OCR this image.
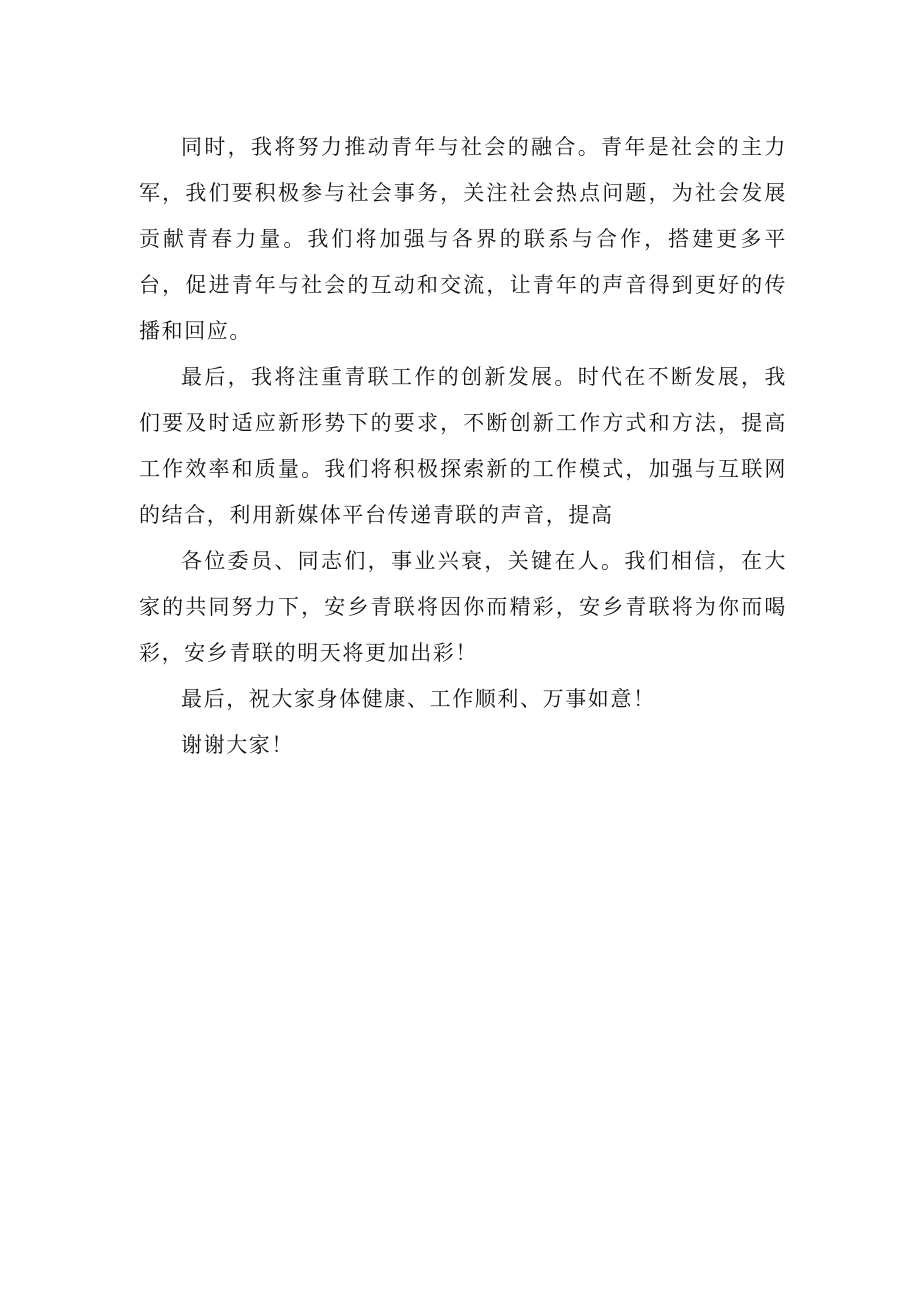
同时，我将努力推动青年与社会的融合。青年是社会的主力军，我们要积极参与社会事务，关注社会热点问题，为社会发展贡献青春力量。我们将加强与各界的联系与合作，搭建更多平台，促进青年与社会的互动和交流，让青年的声音得到更好的传播和回应。

最后，我将注重青联工作的创新发展。时代在不断发展，我们要及时适应新形势下的要求，不断创新工作方式和方法，提高工作效率和质量。我们将积极探索新的工作模式，加强与互联网的结合，利用新媒体平台传递青联的声音，提高

各位委员、同志们，事业兴衰，关键在人。我们相信，在大家的共同努力下，安乡青联将因你而精彩，安乡青联将为你而喝彩，安乡青联的明天将更加出彩！

最后，祝大家身体健康、工作顺利、万事如意！

谢谢大家！
